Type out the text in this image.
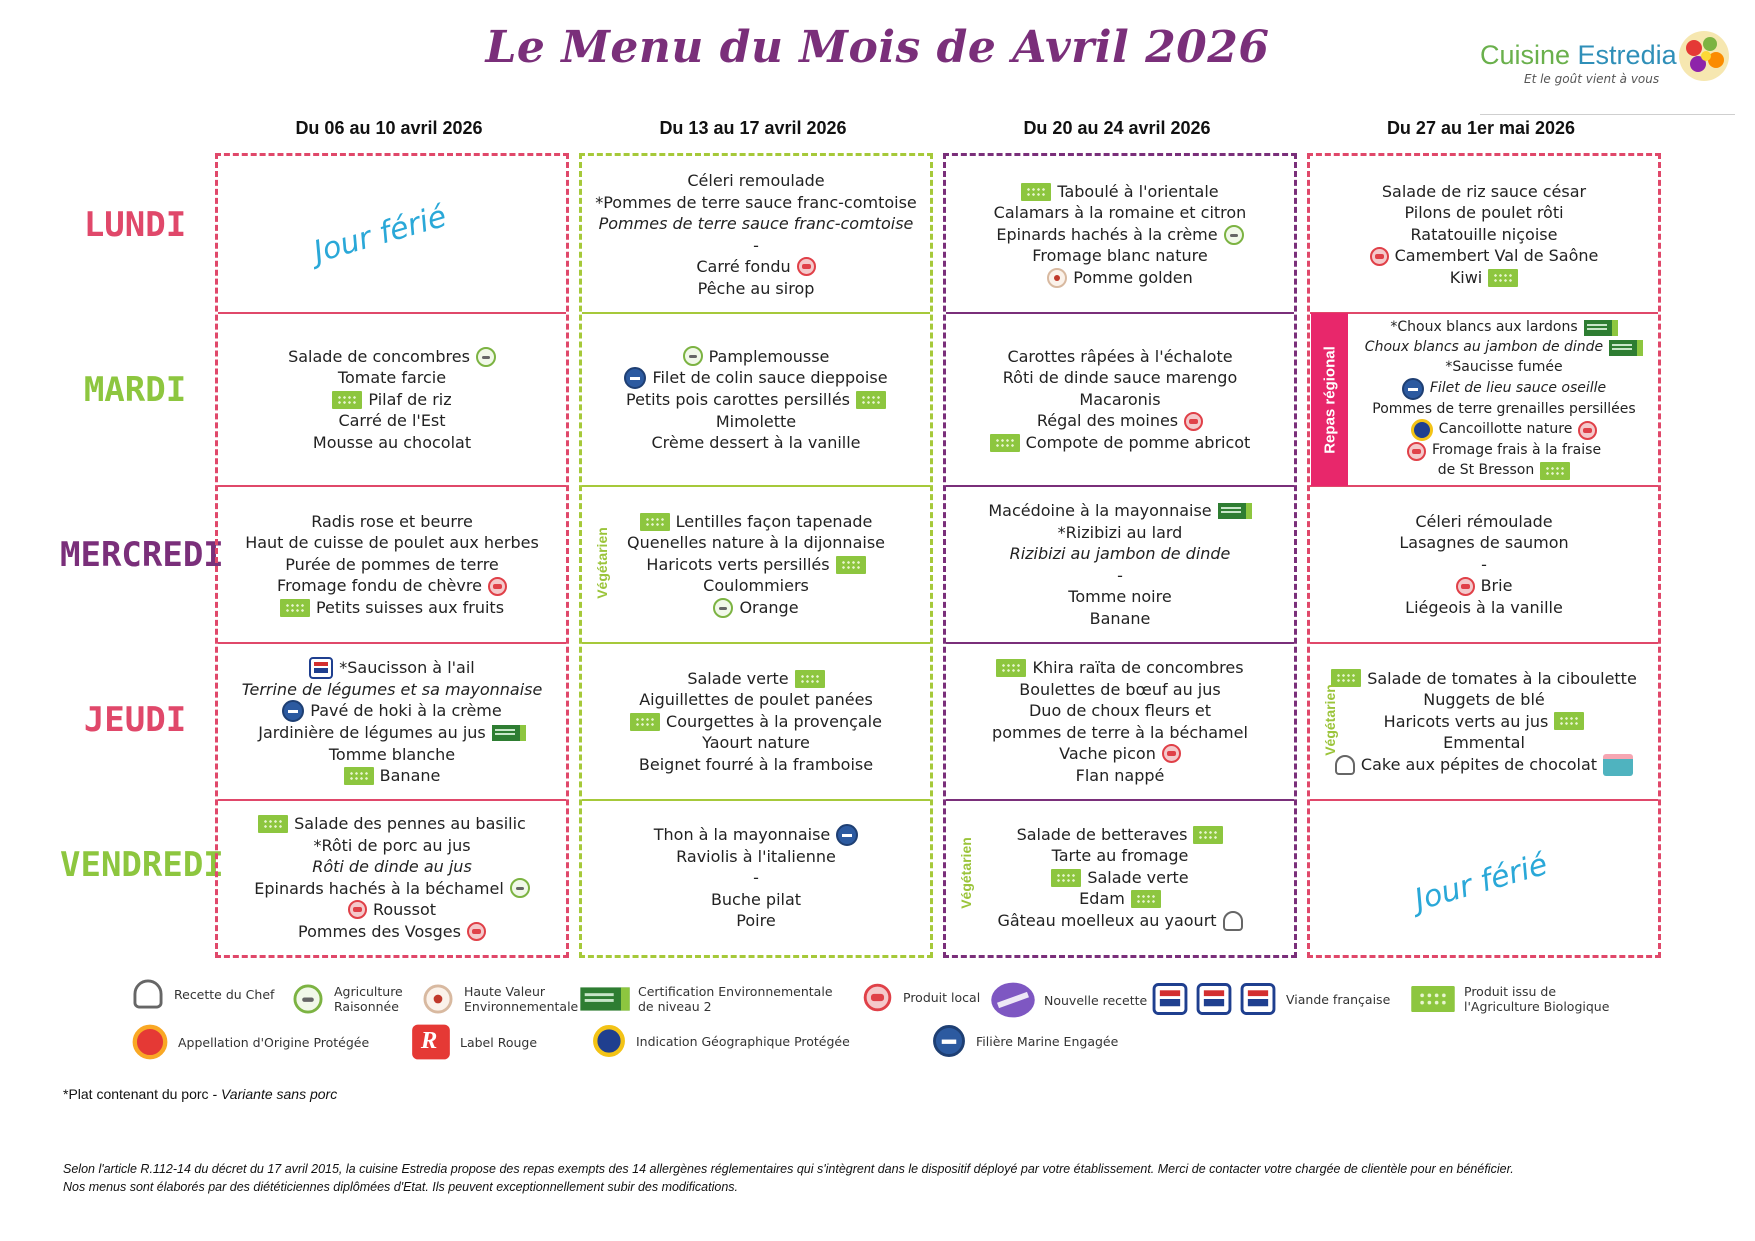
Le Menu du Mois de Avril 2026	Cuisine Estredia
Et le goût vient à vous
Du 06 au 10 avril 2026	Du 13 au 17 avril 2026	Du 20 au 24 avril 2026	Du 27 au 1er mai 2026
LUNDI
MARDI
MERCREDI
JEUDI
VENDREDI
Salade de concombres
Tomate farcie
Pilaf de riz
Carré de l'Est
Mousse au chocolat
Radis rose et beurre
Haut de cuisse de poulet aux herbes
Purée de pommes de terre
Fromage fondu de chèvre
Petits suisses aux fruits
*Saucisson à l'ail
Terrine de légumes et sa mayonnaise
Pavé de hoki à la crème
Jardinière de légumes au jus
Tomme blanche
Banane
Salade des pennes au basilic
*Rôti de porc au jus
Rôti de dinde au jus
Epinards hachés à la béchamel
Roussot
Pommes des Vosges
Céleri remoulade
*Pommes de terre sauce franc-comtoise
Pommes de terre sauce franc-comtoise
-
Carré fondu
Pêche au sirop
Pamplemousse
Filet de colin sauce dieppoise
Petits pois carottes persillés
Mimolette
Crème dessert à la vanille
Lentilles façon tapenade
Quenelles nature à la dijonnaise
Haricots verts persillés
Coulommiers
Orange
Salade verte
Aiguillettes de poulet panées
Courgettes à la provençale
Yaourt nature
Beignet fourré à la framboise
Thon à la mayonnaise
Raviolis à l'italienne
-
Buche pilat
Poire
Taboulé à l'orientale
Calamars à la romaine et citron
Epinards hachés à la crème
Fromage blanc nature
Pomme golden
Carottes râpées à l'échalote
Rôti de dinde sauce marengo
Macaronis
Régal des moines
Compote de pomme abricot
Macédoine à la mayonnaise
*Rizibizi au lard
Rizibizi au jambon de dinde
-
Tomme noire
Banane
Khira raïta de concombres
Boulettes de bœuf au jus
Duo de choux fleurs et
pommes de terre à la béchamel
Vache picon
Flan nappé
Salade de betteraves
Tarte au fromage
Salade verte
Edam
Gâteau moelleux au yaourt
Salade de riz sauce césar
Pilons de poulet rôti
Ratatouille niçoise
Camembert Val de Saône
Kiwi
*Choux blancs aux lardons
Choux blancs au jambon de dinde
*Saucisse fumée
Filet de lieu sauce oseille
Pommes de terre grenailles persillées
Cancoillotte nature
Fromage frais à la fraise
de St Bresson
Céleri rémoulade
Lasagnes de saumon
-
Brie
Liégeois à la vanille
Salade de tomates à la ciboulette
Nuggets de blé
Haricots verts au jus
Emmental
Cake aux pépites de chocolat
Jour férié
Jour férié
Repas régional
Végétarien
Végétarien
Végétarien
Recette du Chef	Agriculture
Raisonnée
Haute Valeur
Environnementale
Certification Environnementale
de niveau 2
Produit local	Nouvelle recette	Viande française	Produit issu de
l'Agriculture Biologique
Appellation d'Origine Protégée
R	Label Rouge	Indication Géographique Protégée	Filière Marine Engagée
*Plat contenant du porc - Variante sans porc
Selon l'article R.112-14 du décret du 17 avril 2015, la cuisine Estredia propose des repas exempts des 14 allergènes réglementaires qui s'intègrent dans le dispositif déployé par votre établissement. Merci de contacter votre chargée de clientèle pour en bénéficier.
Nos menus sont élaborés par des diététiciennes diplômées d'Etat. Ils peuvent exceptionnellement subir des modifications.
